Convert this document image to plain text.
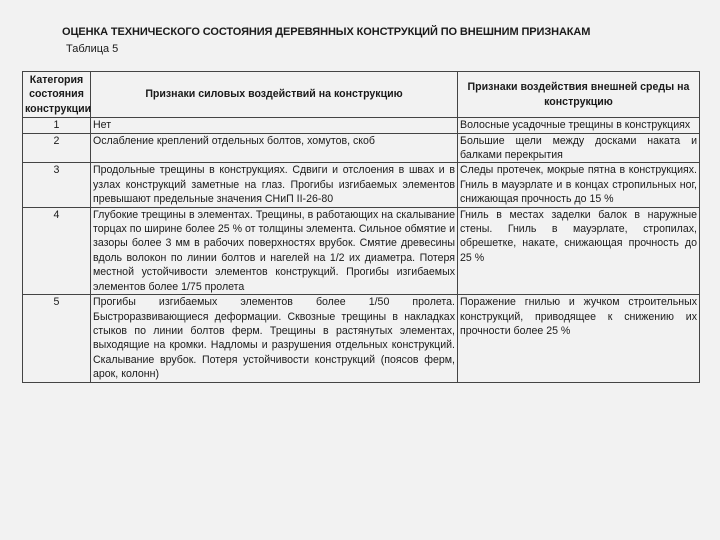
ОЦЕНКА ТЕХНИЧЕСКОГО СОСТОЯНИЯ ДЕРЕВЯННЫХ КОНСТРУКЦИЙ ПО ВНЕШНИМ ПРИЗНАКАМ
Таблица 5
Категория состояния конструкции	Признаки силовых воздействий на конструкцию	Признаки воздействия внешней среды на конструкцию
1	Нет	Волосные усадочные трещины в конструкциях
2	Ослабление креплений отдельных болтов, хомутов, скоб	Большие щели между досками наката и балками перекрытия
3	Продольные трещины в конструкциях. Сдвиги и отслоения в швах и в узлах конструкций заметные на глаз. Прогибы изгибаемых элементов превышают предельные значения СНиП II-26-80	Следы протечек, мокрые пятна в конструкциях. Гниль в мауэрлате и в концах стропильных ног, снижающая прочность до 15 %
4	Глубокие трещины в элементах. Трещины, в работающих на скалывание торцах по ширине более 25 % от толщины элемента. Сильное обмятие и зазоры более 3 мм в рабочих поверхностях врубок. Смятие древесины вдоль волокон по линии болтов и нагелей на 1/2 их диаметра. Потеря местной устойчивости элементов конструкций. Прогибы изгибаемых элементов более 1/75 пролета	Гниль в местах заделки балок в наружные стены. Гниль в мауэрлате, стропилах, обрешетке, накате, снижающая прочность до 25 %
5	Прогибы изгибаемых элементов более 1/50 пролета. Быстроразвивающиеся деформации. Сквозные трещины в накладках стыков по линии болтов ферм. Трещины в растянутых элементах, выходящие на кромки. Надломы и разрушения отдельных конструкций. Скалывание врубок. Потеря устойчивости конструкций (поясов ферм, арок, колонн)	Поражение гнилью и жучком строительных конструкций, приводящее к снижению их прочности более 25 %
